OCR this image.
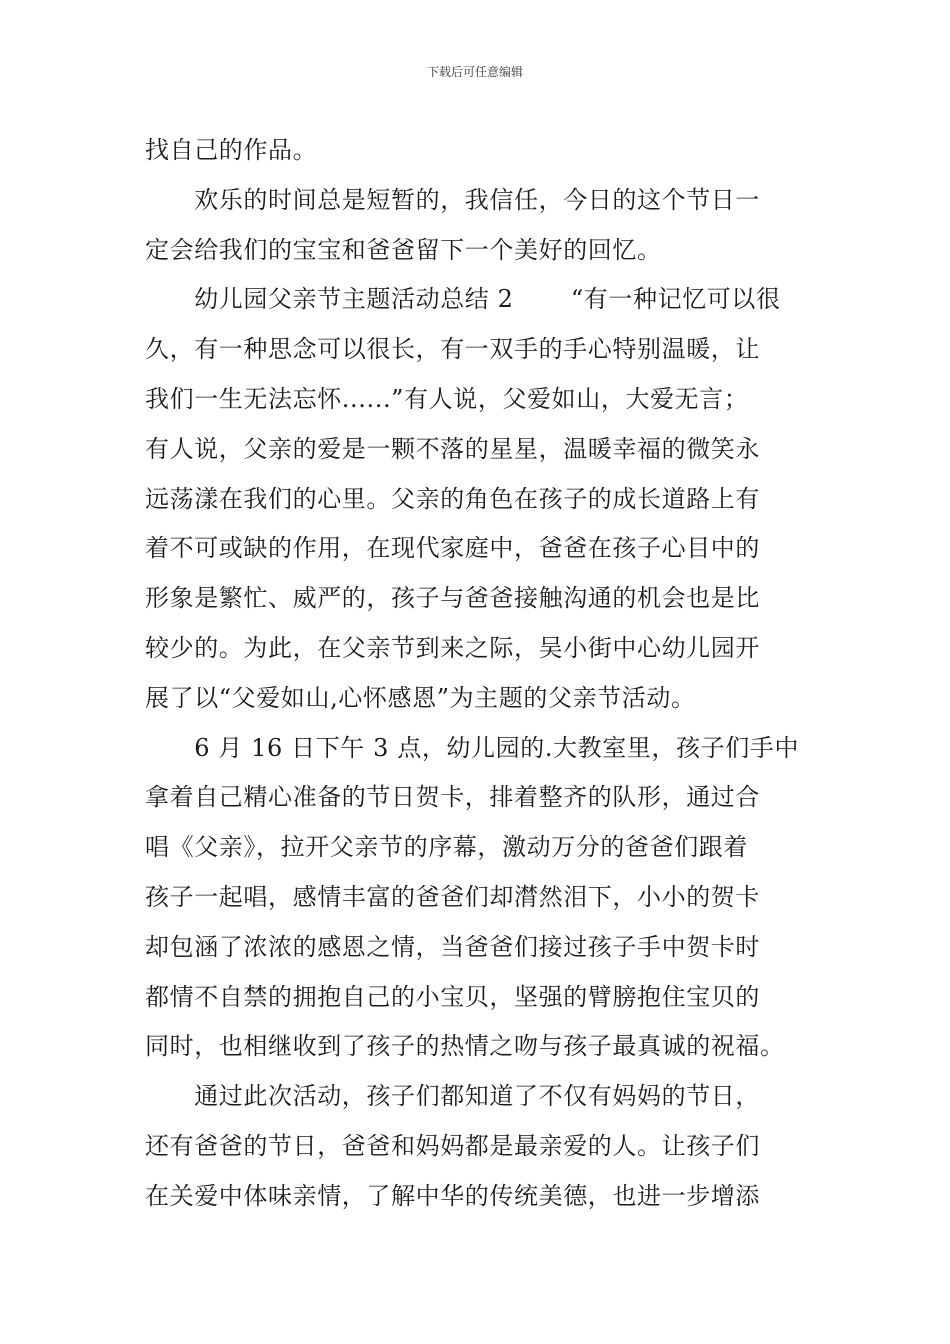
下载后可任意编辑
找自己的作品。
　　欢乐的时间总是短暂的，我信任，今日的这个节日一
定会给我们的宝宝和爸爸留下一个美好的回忆。
　　幼儿园父亲节主题活动总结 2　　 “有一种记忆可以很
久，有一种思念可以很长，有一双手的手心特别温暖，让
我们一生无法忘怀......”有人说，父爱如山，大爱无言；
有人说，父亲的爱是一颗不落的星星，温暖幸福的微笑永
远荡漾在我们的心里。父亲的角色在孩子的成长道路上有
着不可或缺的作用，在现代家庭中，爸爸在孩子心目中的
形象是繁忙、威严的，孩子与爸爸接触沟通的机会也是比
较少的。为此，在父亲节到来之际，吴小街中心幼儿园开
展了以“父爱如山,心怀感恩”为主题的父亲节活动。
　　6 月 16 日下午 3 点，幼儿园的.大教室里，孩子们手中
拿着自己精心准备的节日贺卡，排着整齐的队形，通过合
唱《父亲》，拉开父亲节的序幕，激动万分的爸爸们跟着
孩子一起唱，感情丰富的爸爸们却潸然泪下，小小的贺卡
却包涵了浓浓的感恩之情，当爸爸们接过孩子手中贺卡时
都情不自禁的拥抱自己的小宝贝，坚强的臂膀抱住宝贝的
同时，也相继收到了孩子的热情之吻与孩子最真诚的祝福。
　　通过此次活动，孩子们都知道了不仅有妈妈的节日，
还有爸爸的节日，爸爸和妈妈都是最亲爱的人。让孩子们
在关爱中体味亲情，了解中华的传统美德，也进一步增添
